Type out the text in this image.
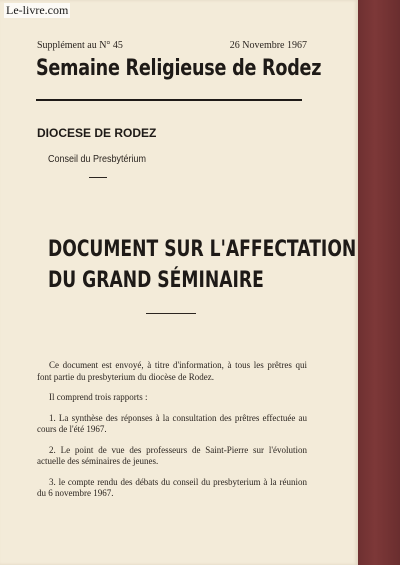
Le-livre.com
Supplément au N° 45	26 Novembre 1967
Semaine Religieuse de Rodez
DIOCESE DE RODEZ
Conseil du Presbytérium
DOCUMENT SUR L'AFFECTATION
DU GRAND SÉMINAIRE

Ce document est envoyé, à titre d'information, à tous les prêtres qui font partie du presbyterium du diocèse de Rodez.

Il comprend trois rapports :

1. La synthèse des réponses à la consultation des prêtres effectuée au cours de l'été 1967.

2. Le point de vue des professeurs de Saint-Pierre sur l'évolution actuelle des séminaires de jeunes.

3. le compte rendu des débats du conseil du presbyterium à la réunion du 6 novembre 1967.
